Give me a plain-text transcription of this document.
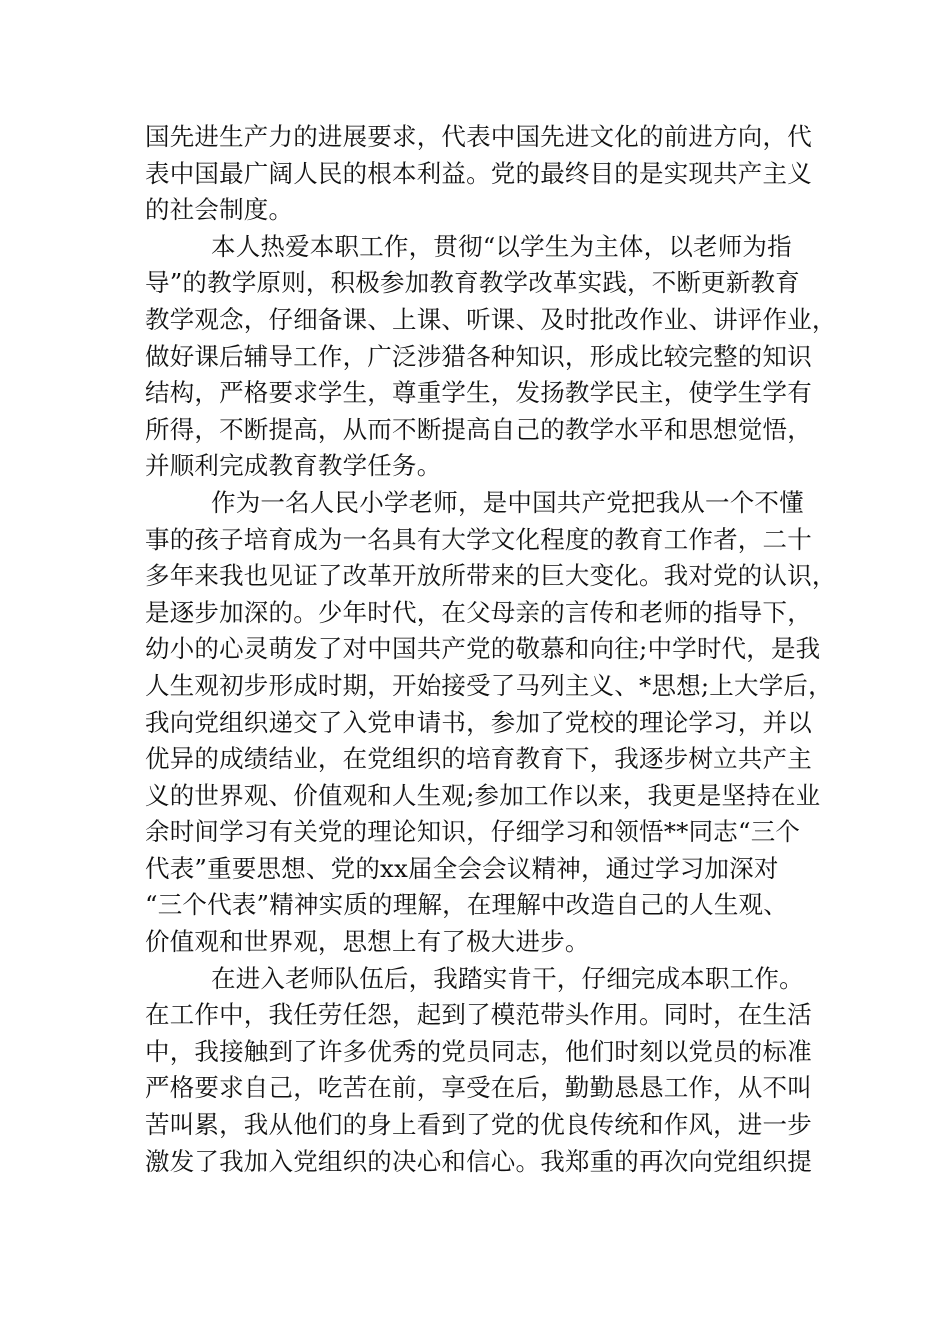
国先进生产力的进展要求，代表中国先进文化的前进方向，代
表中国最广阔人民的根本利益。党的最终目的是实现共产主义
的社会制度。
本人热爱本职工作，贯彻“以学生为主体，以老师为指
导”的教学原则，积极参加教育教学改革实践，不断更新教育
教学观念，仔细备课、上课、听课、及时批改作业、讲评作业，
做好课后辅导工作，广泛涉猎各种知识，形成比较完整的知识
结构，严格要求学生，尊重学生，发扬教学民主，使学生学有
所得，不断提高，从而不断提高自己的教学水平和思想觉悟，
并顺利完成教育教学任务。
作为一名人民小学老师，是中国共产党把我从一个不懂
事的孩子培育成为一名具有大学文化程度的教育工作者，二十
多年来我也见证了改革开放所带来的巨大变化。我对党的认识，
是逐步加深的。少年时代，在父母亲的言传和老师的指导下，
幼小的心灵萌发了对中国共产党的敬慕和向往;中学时代，是我
人生观初步形成时期，开始接受了马列主义、*思想;上大学后，
我向党组织递交了入党申请书，参加了党校的理论学习，并以
优异的成绩结业，在党组织的培育教育下，我逐步树立共产主
义的世界观、价值观和人生观;参加工作以来，我更是坚持在业
余时间学习有关党的理论知识，仔细学习和领悟**同志“三个
代表”重要思想、党的xx届全会会议精神，通过学习加深对
“三个代表”精神实质的理解，在理解中改造自己的人生观、
价值观和世界观，思想上有了极大进步。
在进入老师队伍后，我踏实肯干，仔细完成本职工作。
在工作中，我任劳任怨，起到了模范带头作用。同时，在生活
中，我接触到了许多优秀的党员同志，他们时刻以党员的标准
严格要求自己，吃苦在前，享受在后，勤勤恳恳工作，从不叫
苦叫累，我从他们的身上看到了党的优良传统和作风，进一步
激发了我加入党组织的决心和信心。我郑重的再次向党组织提
